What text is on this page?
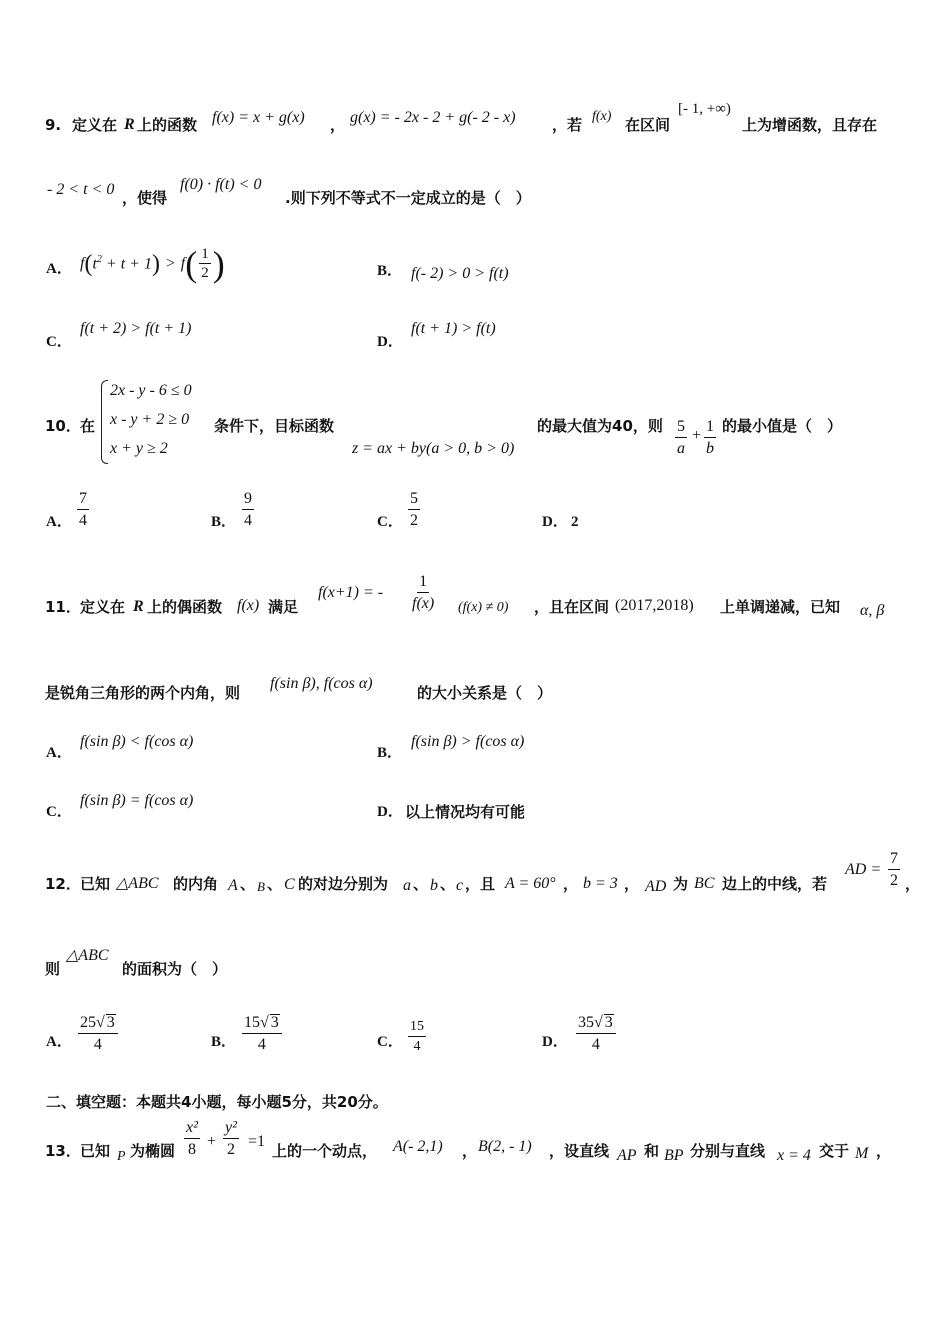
9. 定义在 R 上的函数 f(x) = x + g(x) ， g(x) = - 2x - 2 + g(- 2 - x) ，若 f(x) 在区间
[- 1, +∞)
上为增函数，且存在
- 2 < t < 0 ，使得
f(0) · f(t) < 0
.则下列不等式不一定成立的是（　）
A． f ( $t^2 + t + 1$ ) > f ( 1
2 )	B． f(- 2) > 0 > f(t)
C．
f(t + 2) > f(t + 1)
D．
f(t + 1) > f(t)
10． 在
2x - y - 6 ≤ 0
x - y + 2 ≥ 0
x + y ≥ 2
条件下，目标函数
z = ax + by(a > 0, b > 0)
的最大值为40，则 $\frac{5}{a} + \frac{1}{b}$ 的最小值是（　）
A． $\frac{7}{4}$	B． $\frac{9}{4}$	C． $\frac{5}{2}$	D． 2
11． 定义在 R 上的偶函数 f(x) 满足
f(x+1) = - $\frac{1}{f(x)} (f(x) \ne 0)$ ，且在区间 (2017,2018) 上单调递减，已知 α, β
是锐角三角形的两个内角，则
f(sin β), f(cos α)
的大小关系是（　）
A．
f(sin β) < f(cos α)
B．
f(sin β) > f(cos α)
C．
f(sin β) = f(cos α)
D． 以上情况均有可能
12． 已知 △ABC 的内角 A 、 B 、 C 的对边分别为 a 、 b 、 c ，且 A = 60° ， b = 3 ， AD 为 BC 边上的中线，若
AD = $\frac{7}{2}$ ，
则
△ABC
的面积为（　）
A． $\frac{25√ 3}{4}$	B． $\frac{15√ 3}{4}$	C． $\frac{15}{4}$	D． $\frac{35√ 3}{4}$
二、填空题：本题共4小题，每小题5分，共20分。
13． 已知 P 为椭圆 $\frac{\text{x²}}{8} + \frac{\text{y²}}{2} =1$
上的一个动点， A(- 2,1) ， B(2, - 1) ，设直线 AP 和 BP 分别与直线 x = 4 交于 M ，
